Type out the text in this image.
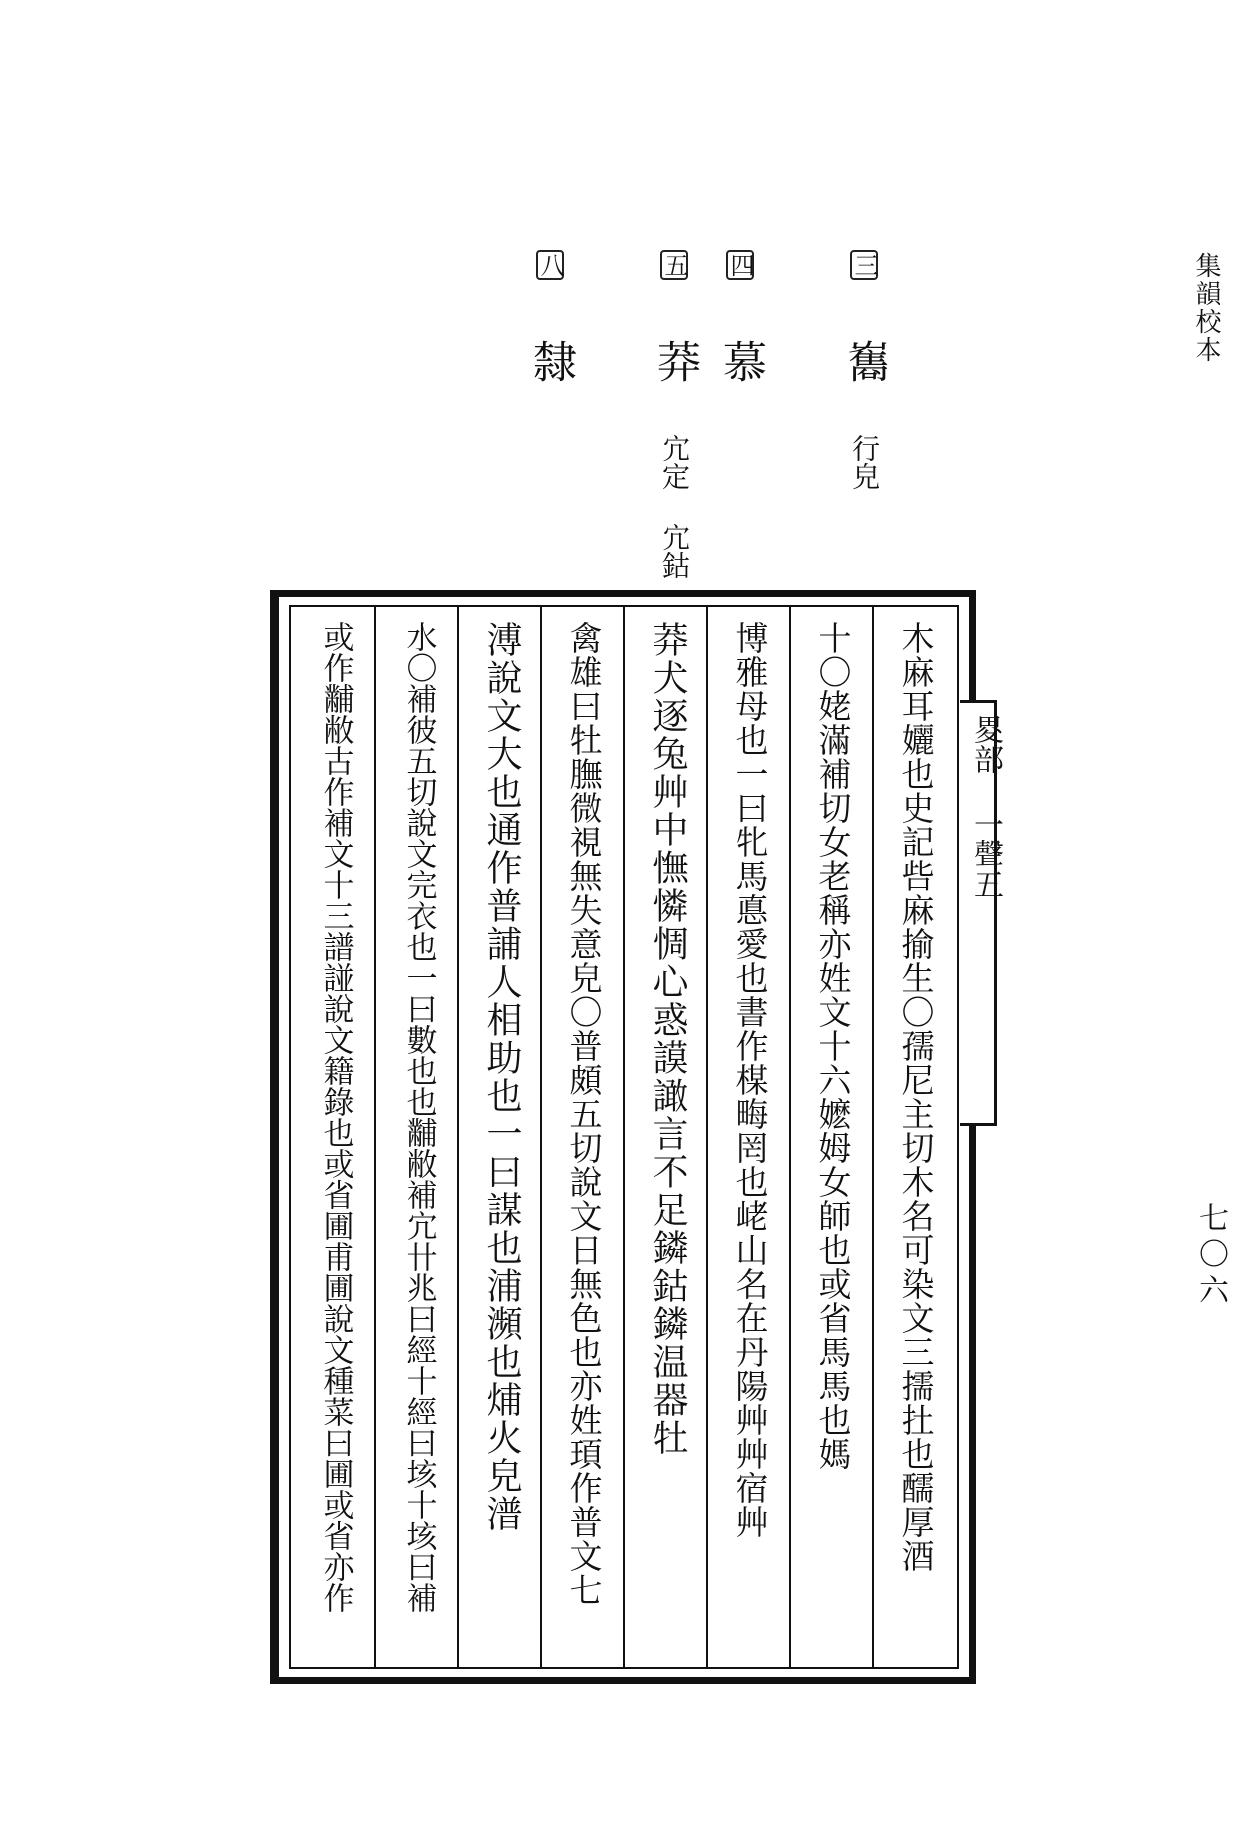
集韻校本
七〇六
三 雟 行皃
四 慕
五 莽 宂定 宂鈷
八 隸
木麻耳孋也史記呰麻揄生〇孺尼主切木名可染文三擩扗也醹厚酒
十〇姥滿補切女老稱亦姓文十六嬷姆女師也或省馬馬也媽
博雅母也一曰牝馬悳愛也書作楳畮罔也峔山名在丹陽艸艸宿艸
莽犬逐兔艸中憮憐惆心惑謨譀言不足鏻鈷鏻温器牡
禽雄曰牡膴微視無失意皃〇普頗五切說文日無色也亦姓頊作普文七
溥說文大也通作普誧人相助也一曰謀也浦瀕也烳火皃潽
水〇補彼五切說文完衣也一曰數也也黼敝補宂卄兆曰經十經曰垓十垓曰補
或作黼敝古作補文十三譜諩說文籍錄也或省圃甫圃說文種菜曰圃或省亦作	畟部 一聲五
